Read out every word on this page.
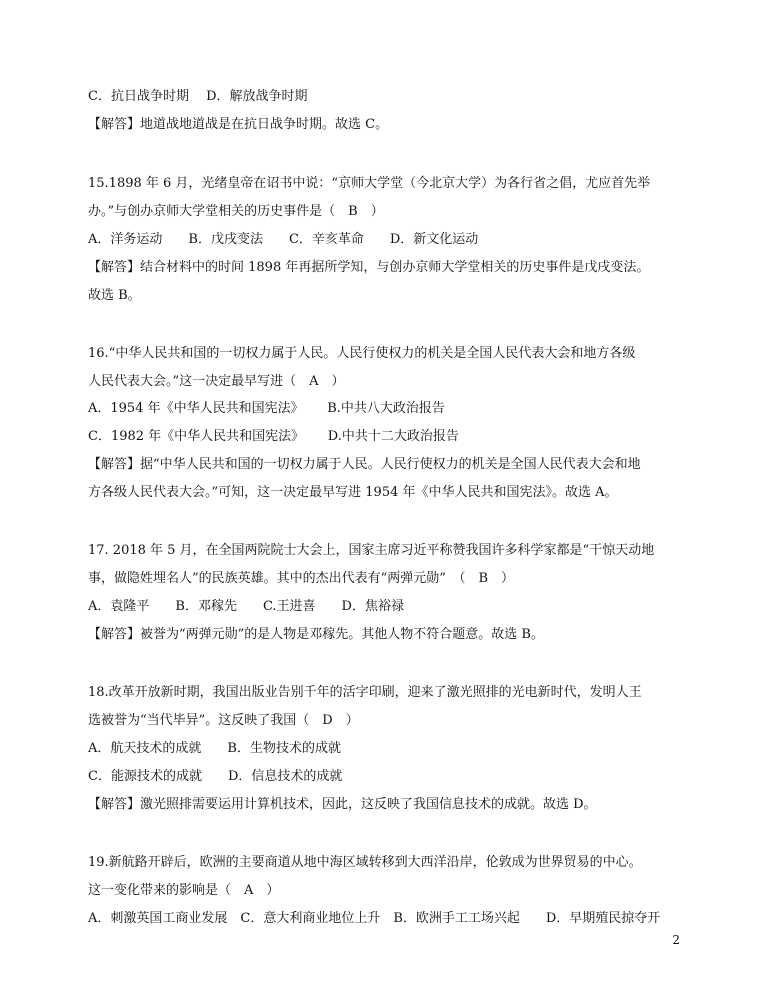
C．抗日战争时期　 D．解放战争时期
【解答】地道战地道战是在抗日战争时期。故选 C。
15.1898 年 6 月，光绪皇帝在诏书中说：“京师大学堂（今北京大学）为各行省之倡，尤应首先举
办。”与创办京师大学堂相关的历史事件是（　B　）
A．洋务运动　　B．戊戌变法　　C．辛亥革命　　D．新文化运动
【解答】结合材料中的时间 1898 年再据所学知，与创办京师大学堂相关的历史事件是戊戌变法。
故选 B。
16.“中华人民共和国的一切权力属于人民。人民行使权力的机关是全国人民代表大会和地方各级
人民代表大会。”这一决定最早写进（　A　）
A．1954 年《中华人民共和国宪法》　　 B.中共八大政治报告
C．1982 年《中华人民共和国宪法》　　 D.中共十二大政治报告
【解答】据“中华人民共和国的一切权力属于人民。人民行使权力的机关是全国人民代表大会和地
方各级人民代表大会。”可知，这一决定最早写进 1954 年《中华人民共和国宪法》。故选 A。
17. 2018 年 5 月，在全国两院院士大会上，国家主席习近平称赞我国许多科学家都是“干惊天动地
事，做隐姓埋名人”的民族英雄。其中的杰出代表有“两弹元勋”　（　B　）
A．袁隆平　　B．邓稼先　　C.王进喜　　D．焦裕禄
【解答】被誉为“两弹元勋”的是人物是邓稼先。其他人物不符合题意。故选 B。
18.改革开放新时期，我国出版业告别千年的活字印刷，迎来了激光照排的光电新时代，发明人王
选被誉为“当代毕异”。这反映了我国（　D　）
A．航天技术的成就　　B．生物技术的成就
C．能源技术的成就　　D．信息技术的成就
【解答】激光照排需要运用计算机技术，因此，这反映了我国信息技术的成就。故选 D。
19.新航路开辟后，欧洲的主要商道从地中海区域转移到大西洋沿岸，伦敦成为世界贸易的中心。
这一变化带来的影响是（　A　）
A．刺激英国工商业发展　C．意大利商业地位上升　B．欧洲手工工场兴起　　D．早期殖民掠夺开
2
